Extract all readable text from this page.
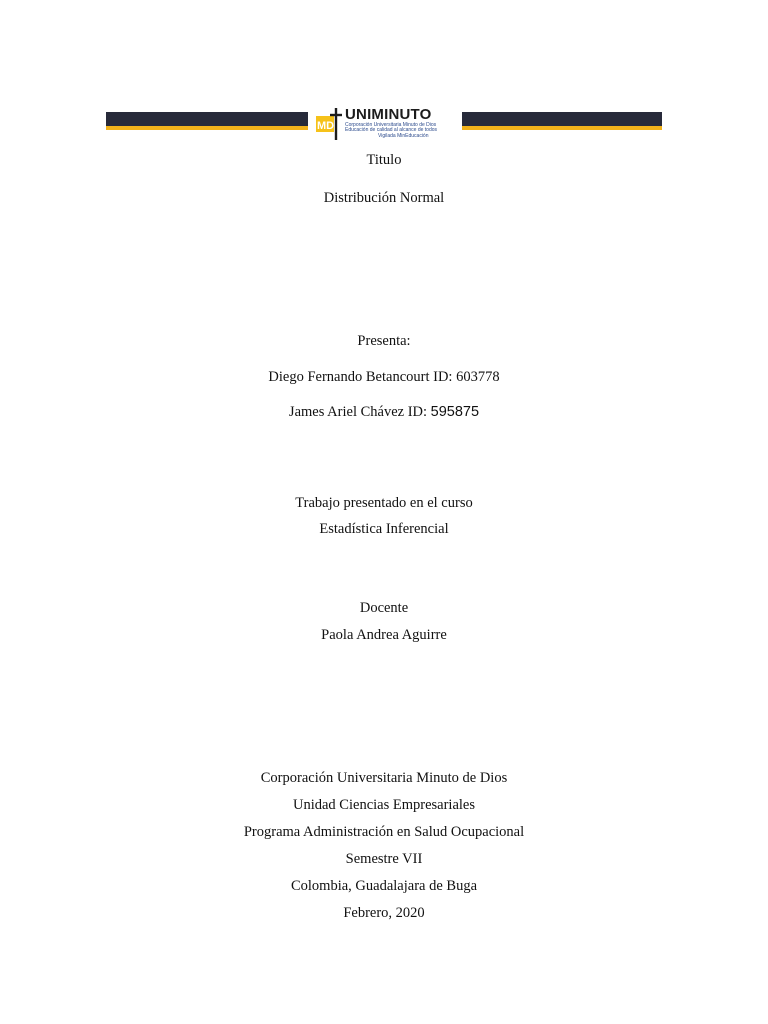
MD
UNIMINUTO
Corporación Universitaria Minuto de Dios
Educación de calidad al alcance de todos
Vigilada MinEducación
Titulo
Distribución Normal
Presenta:
Diego Fernando Betancourt ID: 603778
James Ariel Chávez ID: 595875
Trabajo presentado en el curso
Estadística Inferencial
Docente
Paola Andrea Aguirre
Corporación Universitaria Minuto de Dios
Unidad Ciencias Empresariales
Programa Administración en Salud Ocupacional
Semestre VII
Colombia, Guadalajara de Buga
Febrero, 2020
